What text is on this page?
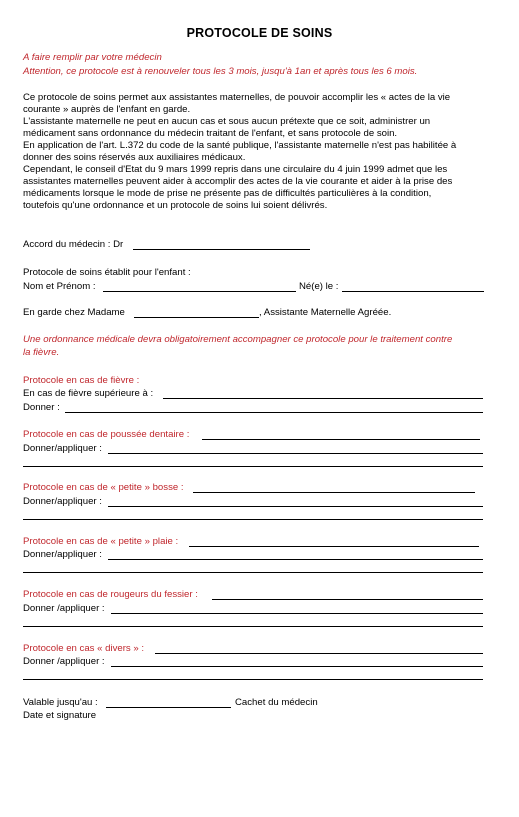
PROTOCOLE DE SOINS
A faire remplir par votre médecin
Attention, ce protocole est à renouveler tous les 3 mois, jusqu'à 1an et après tous les 6 mois.
Ce protocole de soins permet aux assistantes maternelles, de pouvoir accomplir les « actes de la vie
courante » auprès de l'enfant en garde.
L'assistante maternelle ne peut en aucun cas et sous aucun prétexte que ce soit, administrer un
médicament sans ordonnance du médecin traitant de l'enfant, et sans protocole de soin.
En application de l'art. L.372 du code de la santé publique, l'assistante maternelle n'est pas habilitée à
donner des soins réservés aux auxiliaires médicaux.
Cependant, le conseil d'Etat du 9 mars 1999 repris dans une circulaire du 4 juin 1999 admet que les
assistantes maternelles peuvent aider à accomplir des actes de la vie courante et aider à la prise des
médicaments lorsque le mode de prise ne présente pas de difficultés particulières à la condition,
toutefois qu'une ordonnance et un protocole de soins lui soient délivrés.
Accord du médecin : Dr
Protocole de soins établit pour l'enfant :
Nom et Prénom :	Né(e) le :
En garde chez Madame	, Assistante Maternelle Agréée.
Une ordonnance médicale devra obligatoirement accompagner ce protocole pour le traitement contre
la fièvre.
Protocole en cas de fièvre :
En cas de fièvre supérieure à :
Donner :
Protocole en cas de poussée dentaire :
Donner/appliquer :
Protocole en cas de « petite » bosse :
Donner/appliquer :
Protocole en cas de « petite » plaie :
Donner/appliquer :
Protocole en cas de rougeurs du fessier :
Donner /appliquer :
Protocole en cas « divers » :
Donner /appliquer :
Valable jusqu'au :	Cachet du médecin
Date et signature
